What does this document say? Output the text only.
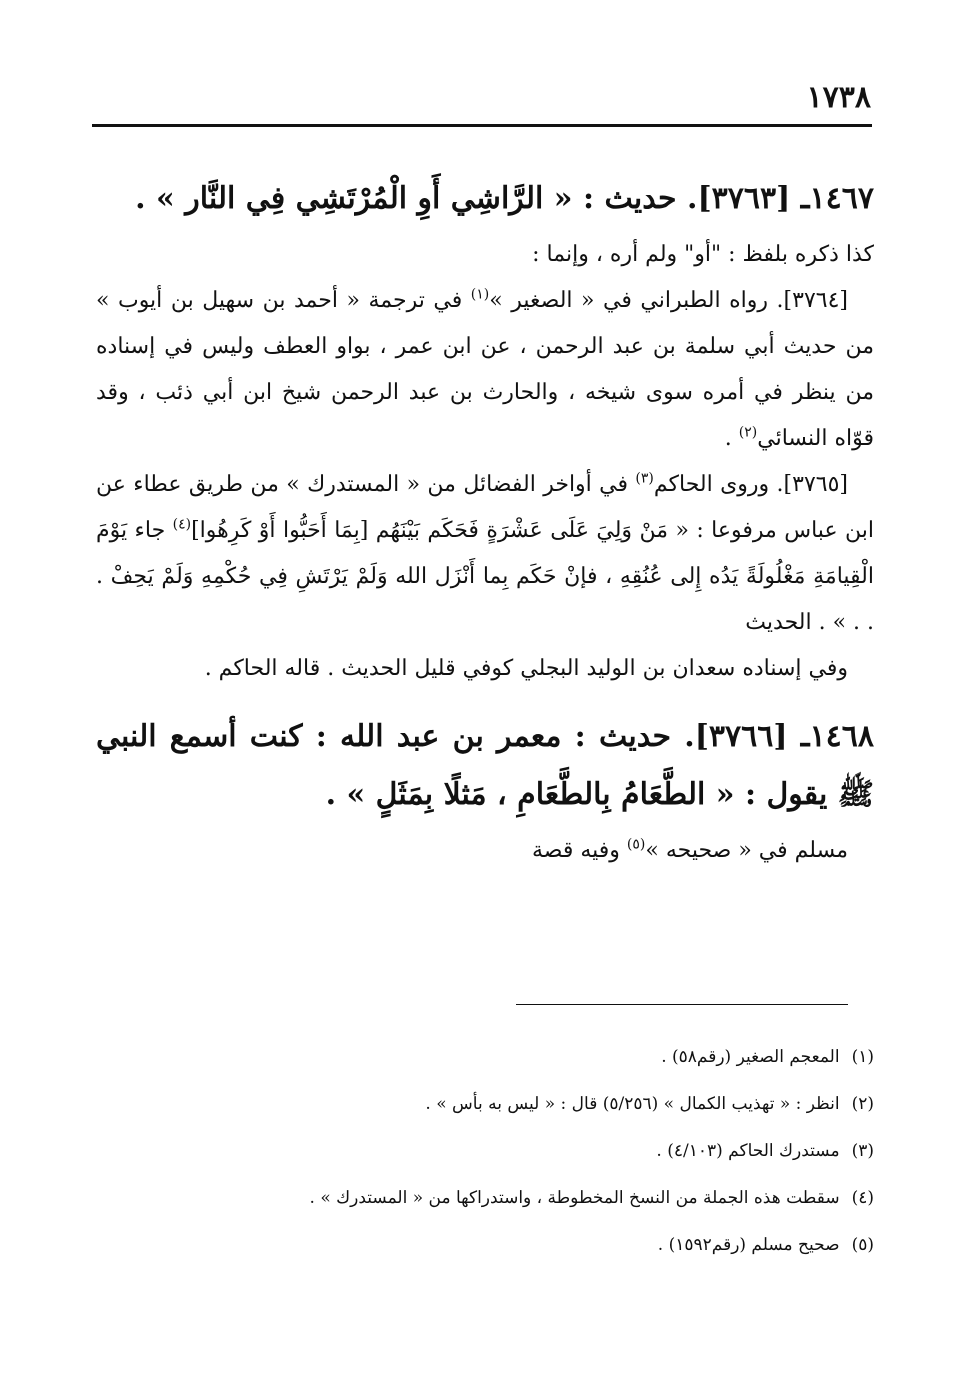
١٧٣٨
١٤٦٧ـ [٣٧٦٣]. حديث : « الرَّاشِي أَوِ الْمُرْتَشِي فِي النَّار » .

كذا ذكره بلفظ : "أو" ولم أره ، وإنما :

[٣٧٦٤]. رواه الطبراني في « الصغير »$^{(١)}$ في ترجمة « أحمد بن سهيل بن أيوب » من حديث أبي سلمة بن عبد الرحمن ، عن ابن عمر ، بواو العطف وليس في إسناده من ينظر في أمره سوى شيخه ، والحارث بن عبد الرحمن شيخ ابن أبي ذئب ، وقد قوّاه النسائي$^{(٢)}$ .

[٣٧٦٥]. وروى الحاكم$^{(٣)}$ في أواخر الفضائل من « المستدرك » من طريق عطاء عن ابن عباس مرفوعا : « مَنْ وَلِيَ عَلَى عَشْرَةٍ فَحَكَم بَيْنَهُم [بِمَا أَحَبُّوا أَوْ كَرِهُوا]$^{(٤)}$ جاء يَوْمَ الْقِيامَةِ مَغْلُولَةً يَدُه إِلى عُنُقِهِ ، فإنْ حَكَم بِما أَنْزَل الله وَلَمْ يَرْتَشِ فِي حُكْمِهِ وَلَمْ يَحِفْ . . . » . الحديث

وفي إسناده سعدان بن الوليد البجلي كوفي قليل الحديث . قاله الحاكم .

١٤٦٨ـ [٣٧٦٦]. حديث : معمر بن عبد الله : كنت أسمع النبي ﷺ يقول : « الطَّعَامُ بِالطَّعَامِ ، مَثلًا بِمَثَلٍ » .

مسلم في « صحيحه »$^{(٥)}$ وفيه قصة

(١)المعجم الصغير (رقم٥٨) .
(٢)انظر : « تهذيب الكمال » (٥/٢٥٦) قال : « ليس به بأس » .
(٣)مستدرك الحاكم (٤/١٠٣) .
(٤)سقطت هذه الجملة من النسخ المخطوطة ، واستدراكها من « المستدرك » .
(٥)صحيح مسلم (رقم١٥٩٢) .
